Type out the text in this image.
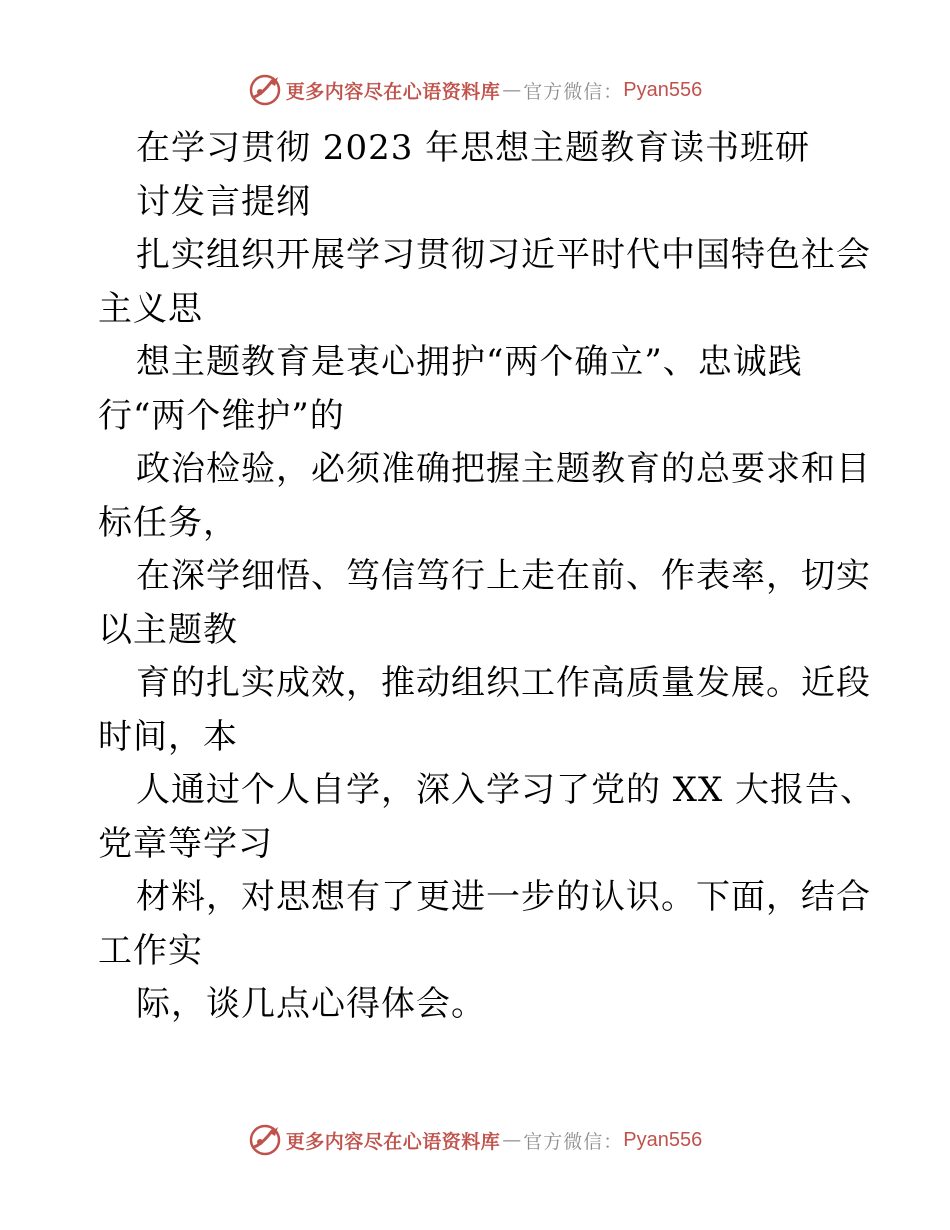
更多内容尽在心语资料库 — 官方微信： Pyan556
在学习贯彻 2023 年思想主题教育读书班研
讨发言提纲
扎实组织开展学习贯彻习近平时代中国特色社会
主义思
想主题教育是衷心拥护“两个确立”、忠诚践
行“两个维护”的
政治检验，必须准确把握主题教育的总要求和目
标任务，
在深学细悟、笃信笃行上走在前、作表率，切实
以主题教
育的扎实成效，推动组织工作高质量发展。近段
时间，本
人通过个人自学，深入学习了党的 XX 大报告、
党章等学习
材料，对思想有了更进一步的认识。下面，结合
工作实
际，谈几点心得体会。
更多内容尽在心语资料库 — 官方微信： Pyan556
